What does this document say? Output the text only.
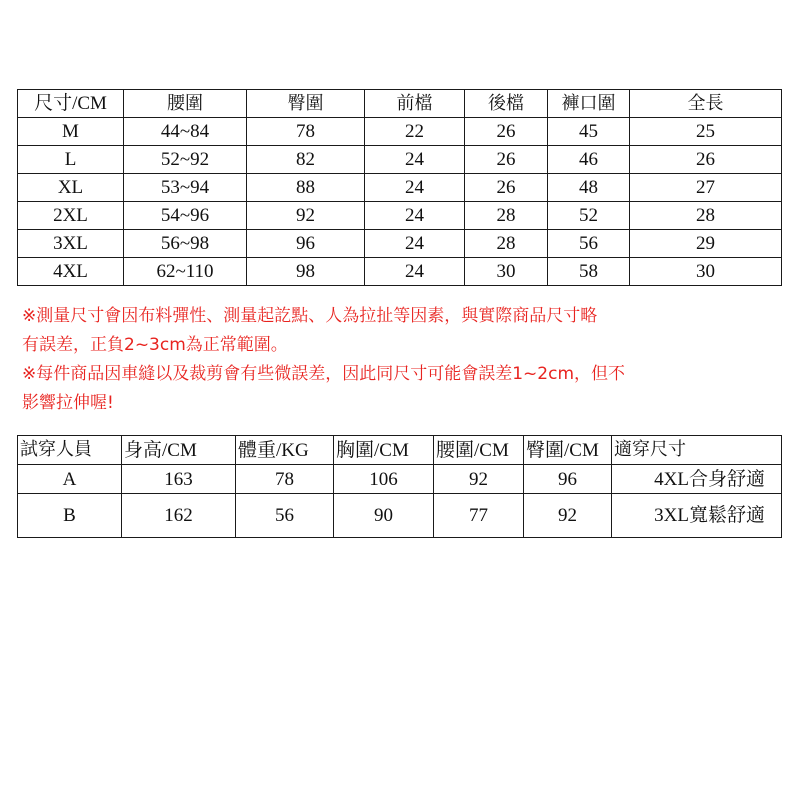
尺寸/CM	腰圍	臀圍	前檔	後檔	褲口圍	全長
M	44~84	78	22	26	45	25
L	52~92	82	24	26	46	26
XL	53~94	88	24	26	48	27
2XL	54~96	92	24	28	52	28
3XL	56~98	96	24	28	56	29
4XL	62~110	98	24	30	58	30

※測量尺寸會因布料彈性、測量起訖點、人為拉扯等因素，與實際商品尺寸略

有誤差，正負2~3cm為正常範圍。

※每件商品因車縫以及裁剪會有些微誤差，因此同尺寸可能會誤差1~2cm，但不

影響拉伸喔!

試穿人員	身高/CM	體重/KG	胸圍/CM	腰圍/CM	臀圍/CM	適穿尺寸
A	163	78	106	92	96	4XL合身舒適
B	162	56	90	77	92	3XL寬鬆舒適
